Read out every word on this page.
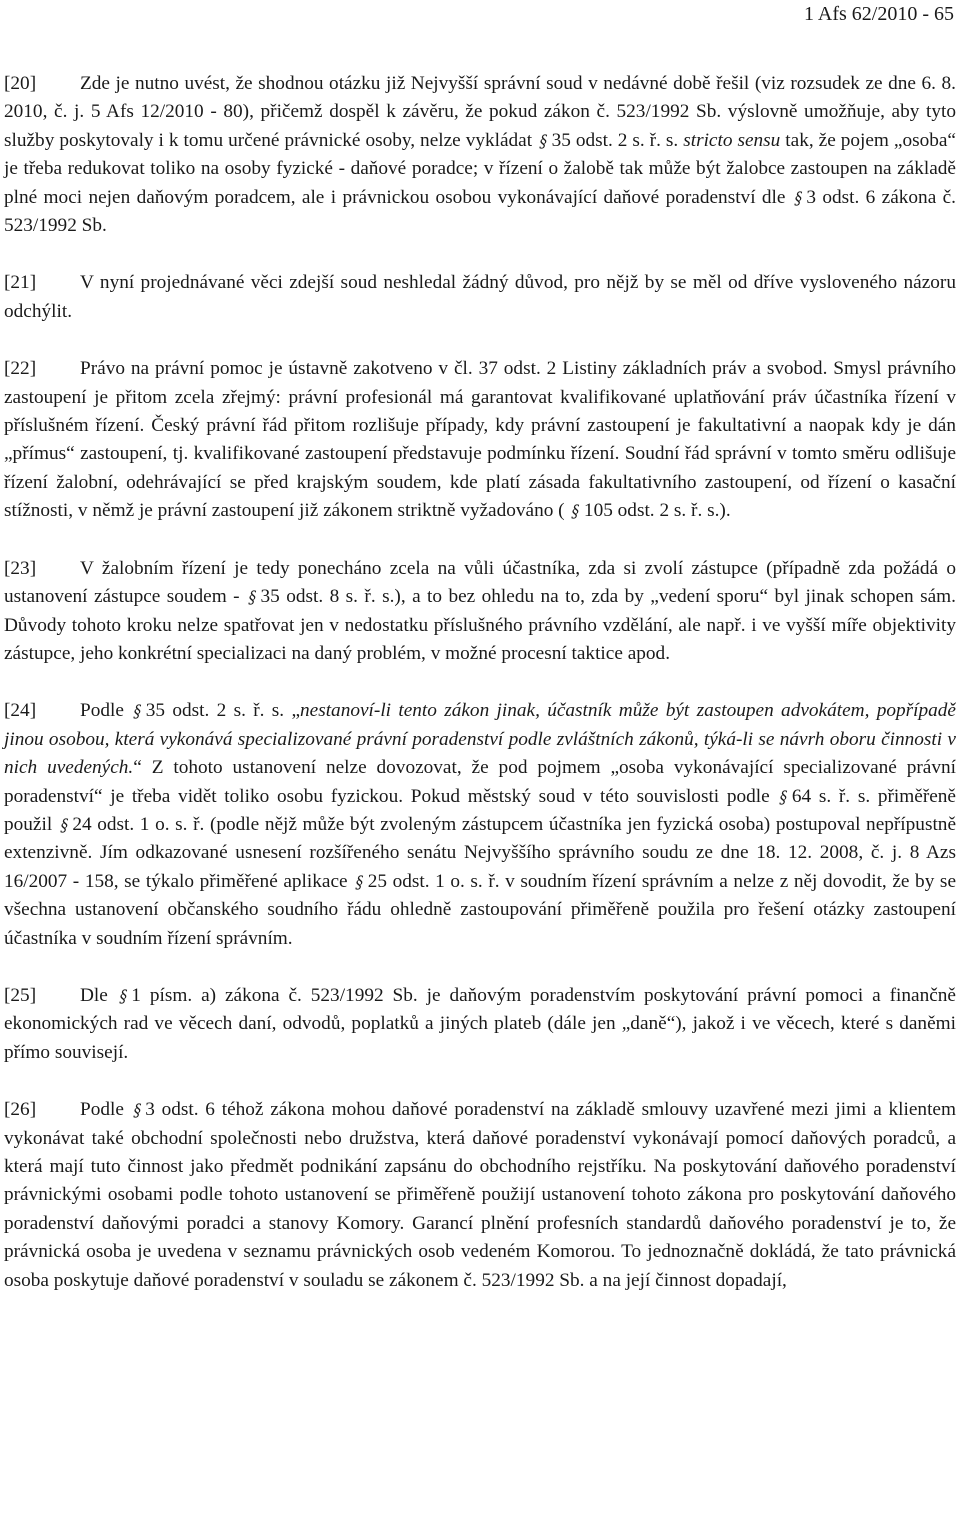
1 Afs 62/2010 - 65

[20] Zde je nutno uvést, že shodnou otázku již Nejvyšší správní soud v nedávné době řešil (viz rozsudek ze dne 6. 8. 2010, č. j. 5 Afs 12/2010 - 80), přičemž dospěl k závěru, že pokud zákon č. 523/1992 Sb. výslovně umožňuje, aby tyto služby poskytovaly i k tomu určené právnické osoby, nelze vykládat § 35 odst. 2 s. ř. s. stricto sensu tak, že pojem „osoba“ je třeba redukovat toliko na osoby fyzické - daňové poradce; v řízení o žalobě tak může být žalobce zastoupen na základě plné moci nejen daňovým poradcem, ale i právnickou osobou vykonávající daňové poradenství dle § 3 odst. 6 zákona č. 523/1992 Sb.

[21] V nyní projednávané věci zdejší soud neshledal žádný důvod, pro nějž by se měl od dříve vysloveného názoru odchýlit.

[22] Právo na právní pomoc je ústavně zakotveno v čl. 37 odst. 2 Listiny základních práv a svobod. Smysl právního zastoupení je přitom zcela zřejmý: právní profesionál má garantovat kvalifikované uplatňování práv účastníka řízení v příslušném řízení. Český právní řád přitom rozlišuje případy, kdy právní zastoupení je fakultativní a naopak kdy je dán „přímus“ zastoupení, tj. kvalifikované zastoupení představuje podmínku řízení. Soudní řád správní v tomto směru odlišuje řízení žalobní, odehrávající se před krajským soudem, kde platí zásada fakultativního zastoupení, od řízení o kasační stížnosti, v němž je právní zastoupení již zákonem striktně vyžadováno ( § 105 odst. 2 s. ř. s.).

[23] V žalobním řízení je tedy ponecháno zcela na vůli účastníka, zda si zvolí zástupce (případně zda požádá o ustanovení zástupce soudem - § 35 odst. 8 s. ř. s.), a to bez ohledu na to, zda by „vedení sporu“ byl jinak schopen sám. Důvody tohoto kroku nelze spatřovat jen v nedostatku příslušného právního vzdělání, ale např. i ve vyšší míře objektivity zástupce, jeho konkrétní specializaci na daný problém, v možné procesní taktice apod.

[24] Podle § 35 odst. 2 s. ř. s. „nestanoví-li tento zákon jinak, účastník může být zastoupen advokátem, popřípadě jinou osobou, která vykonává specializované právní poradenství podle zvláštních zákonů, týká-li se návrh oboru činnosti v nich uvedených.“ Z tohoto ustanovení nelze dovozovat, že pod pojmem „osoba vykonávající specializované právní poradenství“ je třeba vidět toliko osobu fyzickou. Pokud městský soud v této souvislosti podle § 64 s. ř. s. přiměřeně použil § 24 odst. 1 o. s. ř. (podle nějž může být zvoleným zástupcem účastníka jen fyzická osoba) postupoval nepřípustně extenzivně. Jím odkazované usnesení rozšířeného senátu Nejvyššího správního soudu ze dne 18. 12. 2008, č. j. 8 Azs 16/2007 - 158, se týkalo přiměřené aplikace § 25 odst. 1 o. s. ř. v soudním řízení správním a nelze z něj dovodit, že by se všechna ustanovení občanského soudního řádu ohledně zastoupování přiměřeně použila pro řešení otázky zastoupení účastníka v soudním řízení správním.

[25] Dle § 1 písm. a) zákona č. 523/1992 Sb. je daňovým poradenstvím poskytování právní pomoci a finančně ekonomických rad ve věcech daní, odvodů, poplatků a jiných plateb (dále jen „daně“), jakož i ve věcech, které s daněmi přímo souvisejí.

[26] Podle § 3 odst. 6 téhož zákona mohou daňové poradenství na základě smlouvy uzavřené mezi jimi a klientem vykonávat také obchodní společnosti nebo družstva, která daňové poradenství vykonávají pomocí daňových poradců, a která mají tuto činnost jako předmět podnikání zapsánu do obchodního rejstříku. Na poskytování daňového poradenství právnickými osobami podle tohoto ustanovení se přiměřeně použijí ustanovení tohoto zákona pro poskytování daňového poradenství daňovými poradci a stanovy Komory. Garancí plnění profesních standardů daňového poradenství je to, že právnická osoba je uvedena v seznamu právnických osob vedeném Komorou. To jednoznačně dokládá, že tato právnická osoba poskytuje daňové poradenství v souladu se zákonem č. 523/1992 Sb. a na její činnost dopadají,
